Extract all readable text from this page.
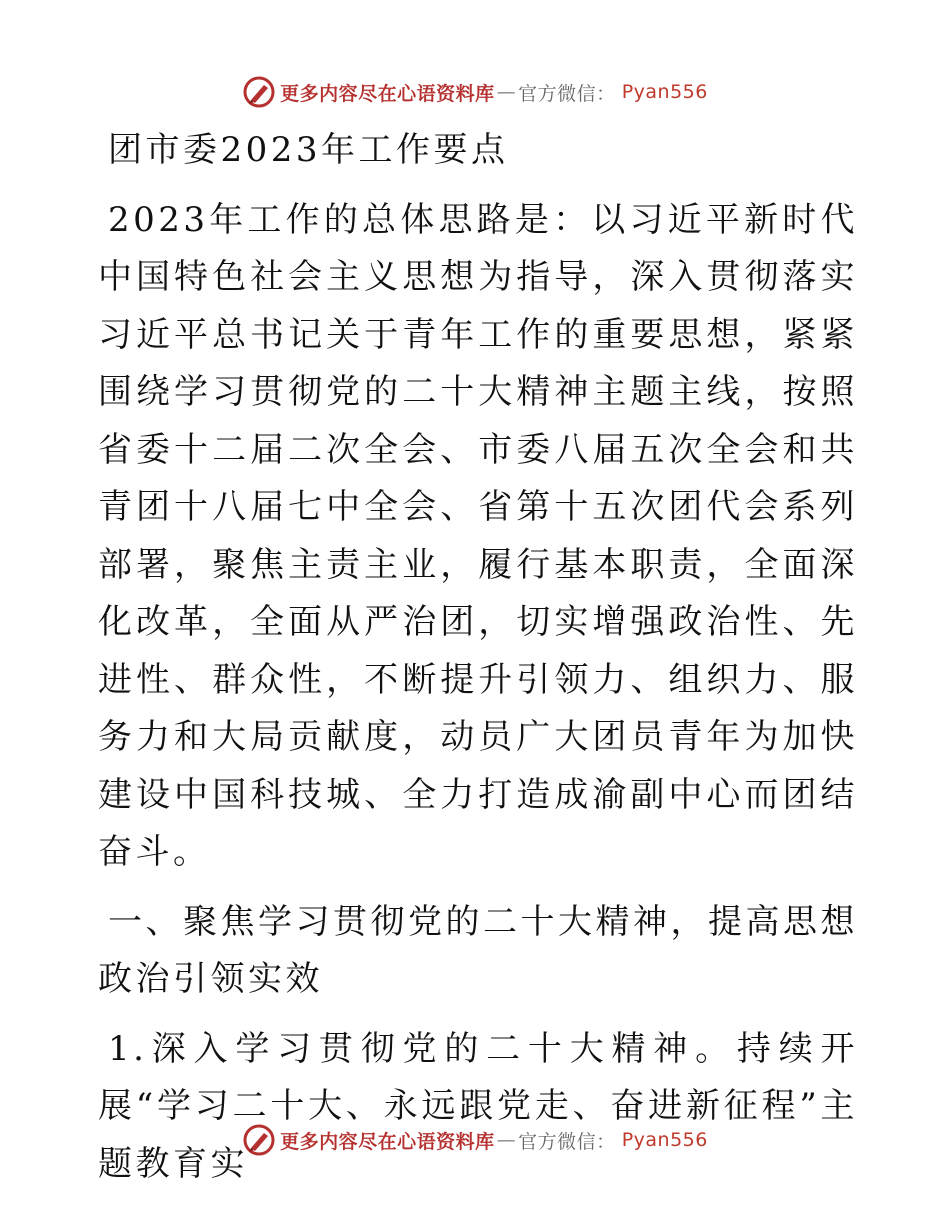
更多内容尽在心语资料库 — 官方微信： Pyan556

团市委2023年工作要点

2023年工作的总体思路是：以习近平新时代中国特色社会主义思想为指导，深入贯彻落实习近平总书记关于青年工作的重要思想，紧紧围绕学习贯彻党的二十大精神主题主线，按照省委十二届二次全会、市委八届五次全会和共青团十八届七中全会、省第十五次团代会系列部署，聚焦主责主业，履行基本职责，全面深化改革，全面从严治团，切实增强政治性、先进性、群众性，不断提升引领力、组织力、服务力和大局贡献度，动员广大团员青年为加快建设中国科技城、全力打造成渝副中心而团结奋斗。

一、聚焦学习贯彻党的二十大精神，提高思想政治引领实效

1.深入学习贯彻党的二十大精神。持续开展“学习二十大、永远跟党走、奋进新征程”主题教育实

更多内容尽在心语资料库 — 官方微信： Pyan556
